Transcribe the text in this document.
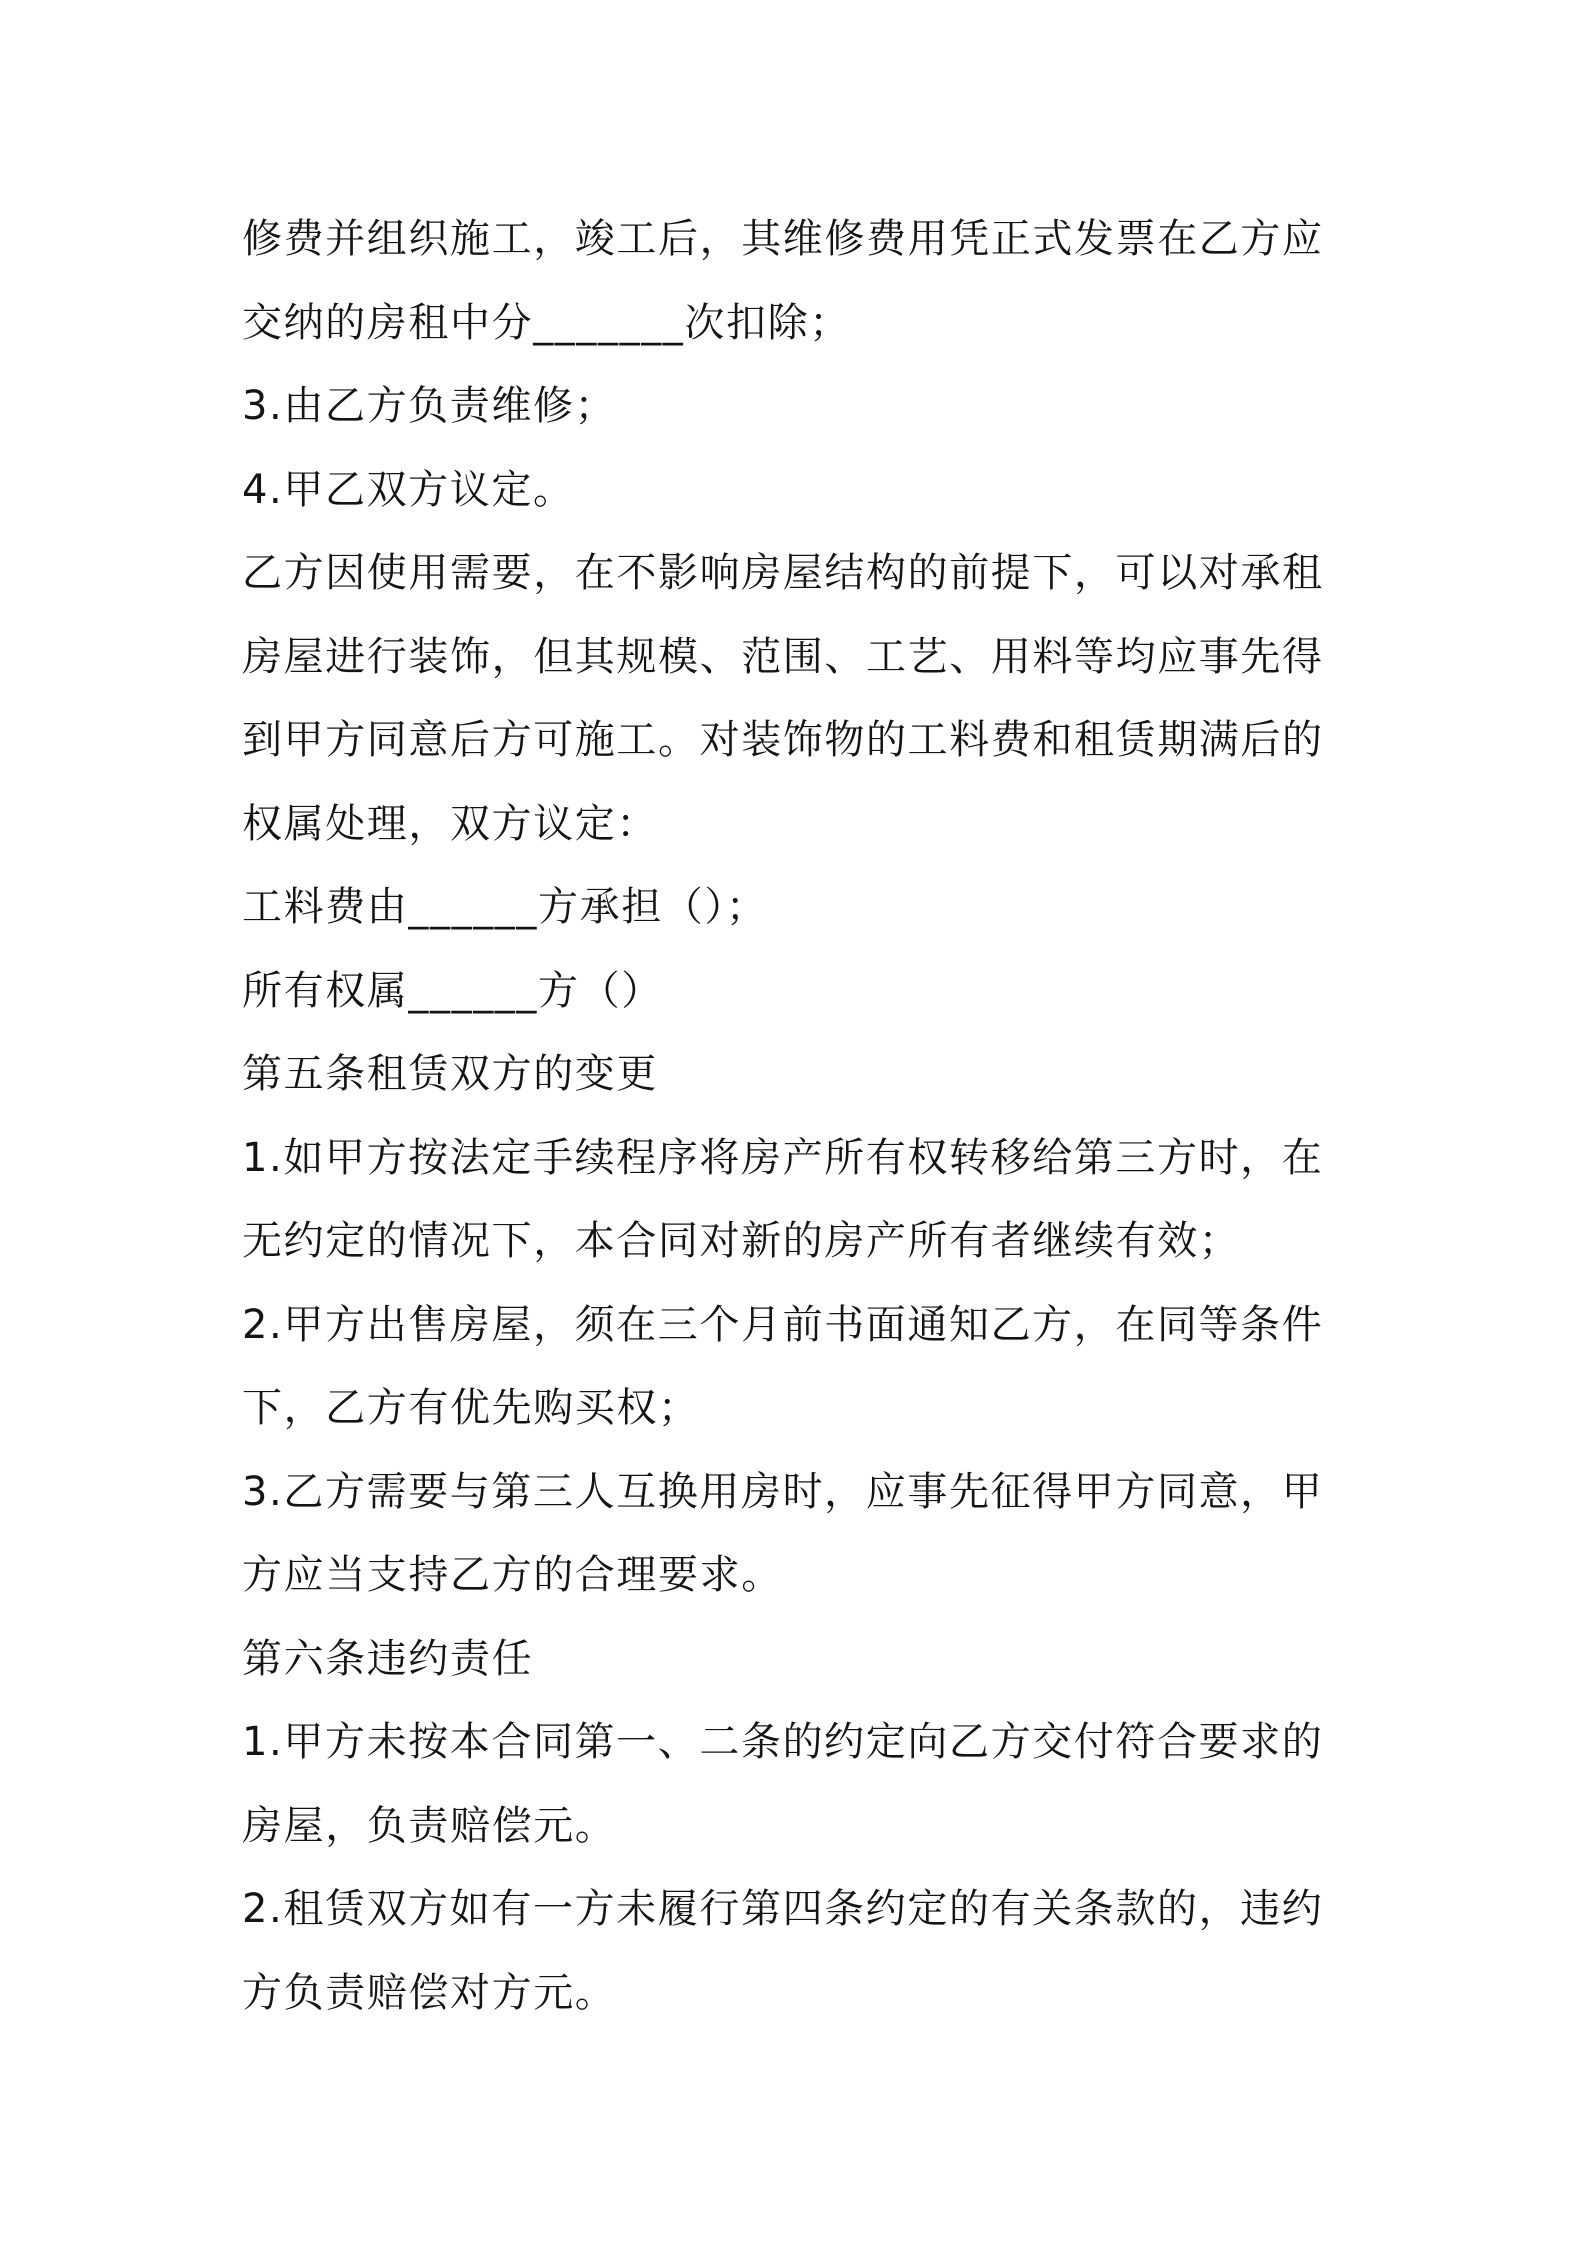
修费并组织施工，竣工后，其维修费用凭正式发票在乙方应
交纳的房租中分_______次扣除；
3.由乙方负责维修；
4.甲乙双方议定。
乙方因使用需要，在不影响房屋结构的前提下，可以对承租
房屋进行装饰，但其规模、范围、工艺、用料等均应事先得
到甲方同意后方可施工。对装饰物的工料费和租赁期满后的
权属处理，双方议定：
工料费由______方承担（）；
所有权属______方（）
第五条租赁双方的变更
1.如甲方按法定手续程序将房产所有权转移给第三方时，在
无约定的情况下，本合同对新的房产所有者继续有效；
2.甲方出售房屋，须在三个月前书面通知乙方，在同等条件
下，乙方有优先购买权；
3.乙方需要与第三人互换用房时，应事先征得甲方同意，甲
方应当支持乙方的合理要求。
第六条违约责任
1.甲方未按本合同第一、二条的约定向乙方交付符合要求的
房屋，负责赔偿元。
2.租赁双方如有一方未履行第四条约定的有关条款的，违约
方负责赔偿对方元。
